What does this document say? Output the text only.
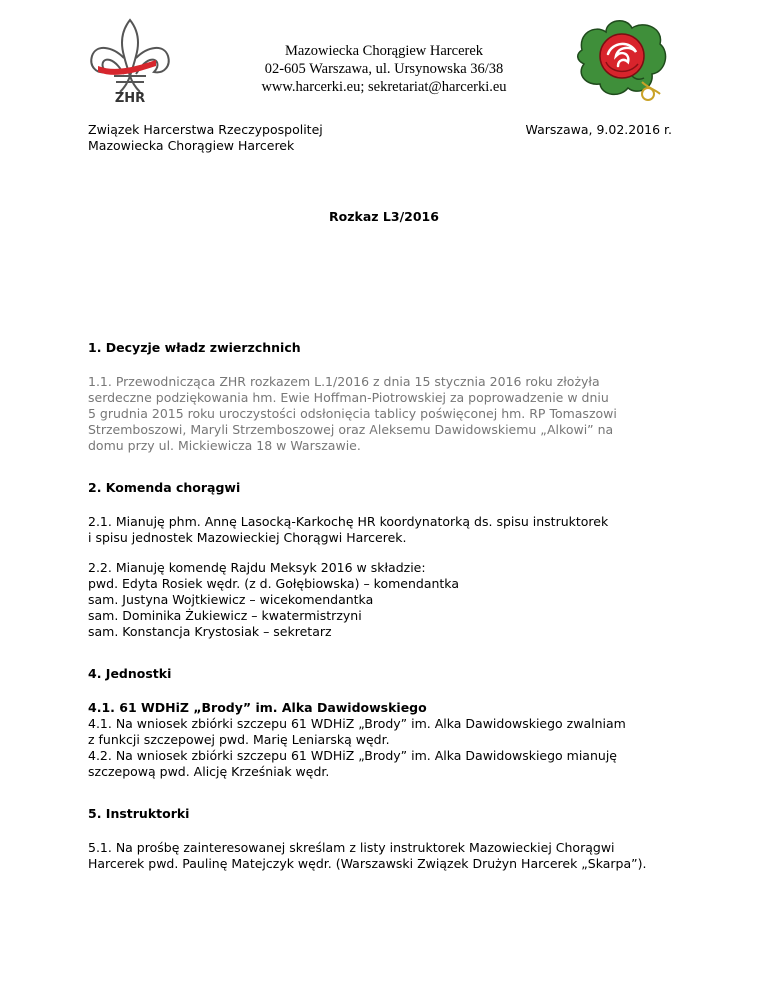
ZHR
Mazowiecka Chorągiew Harcerek
02-605 Warszawa, ul. Ursynowska 36/38
www.harcerki.eu; sekretariat@harcerki.eu
Związek Harcerstwa Rzeczypospolitej
Mazowiecka Chorągiew Harcerek
Warszawa, 9.02.2016 r.
Rozkaz L3/2016
1. Decyzje władz zwierzchnich
1.1. Przewodnicząca ZHR rozkazem L.1/2016 z dnia 15 stycznia 2016 roku złożyła
serdeczne podziękowania hm. Ewie Hoffman-Piotrowskiej za poprowadzenie w dniu
5 grudnia 2015 roku uroczystości odsłonięcia tablicy poświęconej hm. RP Tomaszowi
Strzemboszowi, Maryli Strzemboszowej oraz Aleksemu Dawidowskiemu „Alkowi” na
domu przy ul. Mickiewicza 18 w Warszawie.
2. Komenda chorągwi
2.1. Mianuję phm. Annę Lasocką-Karkochę HR koordynatorką ds. spisu instruktorek
i spisu jednostek Mazowieckiej Chorągwi Harcerek.
2.2. Mianuję komendę Rajdu Meksyk 2016 w składzie:
pwd. Edyta Rosiek wędr. (z d. Gołębiowska) – komendantka
sam. Justyna Wojtkiewicz – wicekomendantka
sam. Dominika Żukiewicz – kwatermistrzyni
sam. Konstancja Krystosiak – sekretarz
4. Jednostki
4.1. 61 WDHiZ „Brody” im. Alka Dawidowskiego
4.1. Na wniosek zbiórki szczepu 61 WDHiZ „Brody” im. Alka Dawidowskiego zwalniam
z funkcji szczepowej pwd. Marię Leniarską wędr.
4.2. Na wniosek zbiórki szczepu 61 WDHiZ „Brody” im. Alka Dawidowskiego mianuję
szczepową pwd. Alicję Krześniak wędr.
5. Instruktorki
5.1. Na prośbę zainteresowanej skreślam z listy instruktorek Mazowieckiej Chorągwi
Harcerek pwd. Paulinę Matejczyk wędr. (Warszawski Związek Drużyn Harcerek „Skarpa”).
